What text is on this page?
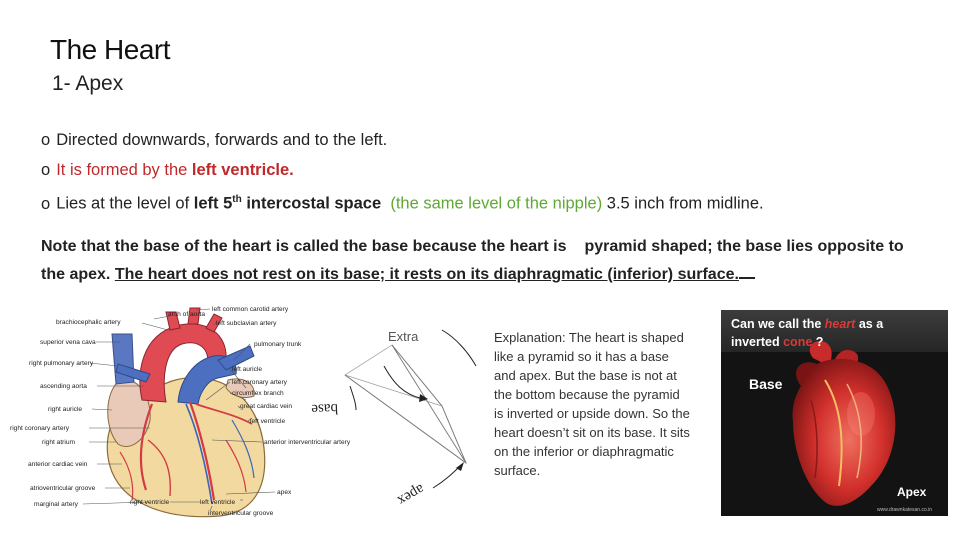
The Heart
1- Apex
o Directed downwards, forwards and to the left.
o It is formed by the left ventricle.
o Lies at the level of left 5th intercostal space (the same level of the nipple) 3.5 inch from midline.
Note that the base of the heart is called the base because the heart is pyramid shaped; the base lies opposite to the apex. The heart does not rest on its base; it rests on its diaphragmatic (inferior) surface.
arch of aorta
brachiocephalic artery
left common carotid artery
left subclavian artery
superior vena cava	pulmonary trunk
right pulmonary artery
left auricle
ascending aorta
left coronary artery
circumflex branch
right auricle	great cardiac vein
right coronary artery
left ventricle
right atrium	anterior interventricular artery
anterior cardiac vein
atrioventricular groove
apex
marginal artery	right ventricle	left ventricle
interventricular groove
Extra
base
apex
Explanation: The heart is shaped like a pyramid so it has a base and apex. But the base is not at the bottom because the pyramid is inverted or upside down. So the heart doesn’t sit on its base. It sits on the inferior or diaphragmatic surface.
Can we call the heart as a
inverted cone ?
Base
Apex
www.drawnkatesan.co.in
